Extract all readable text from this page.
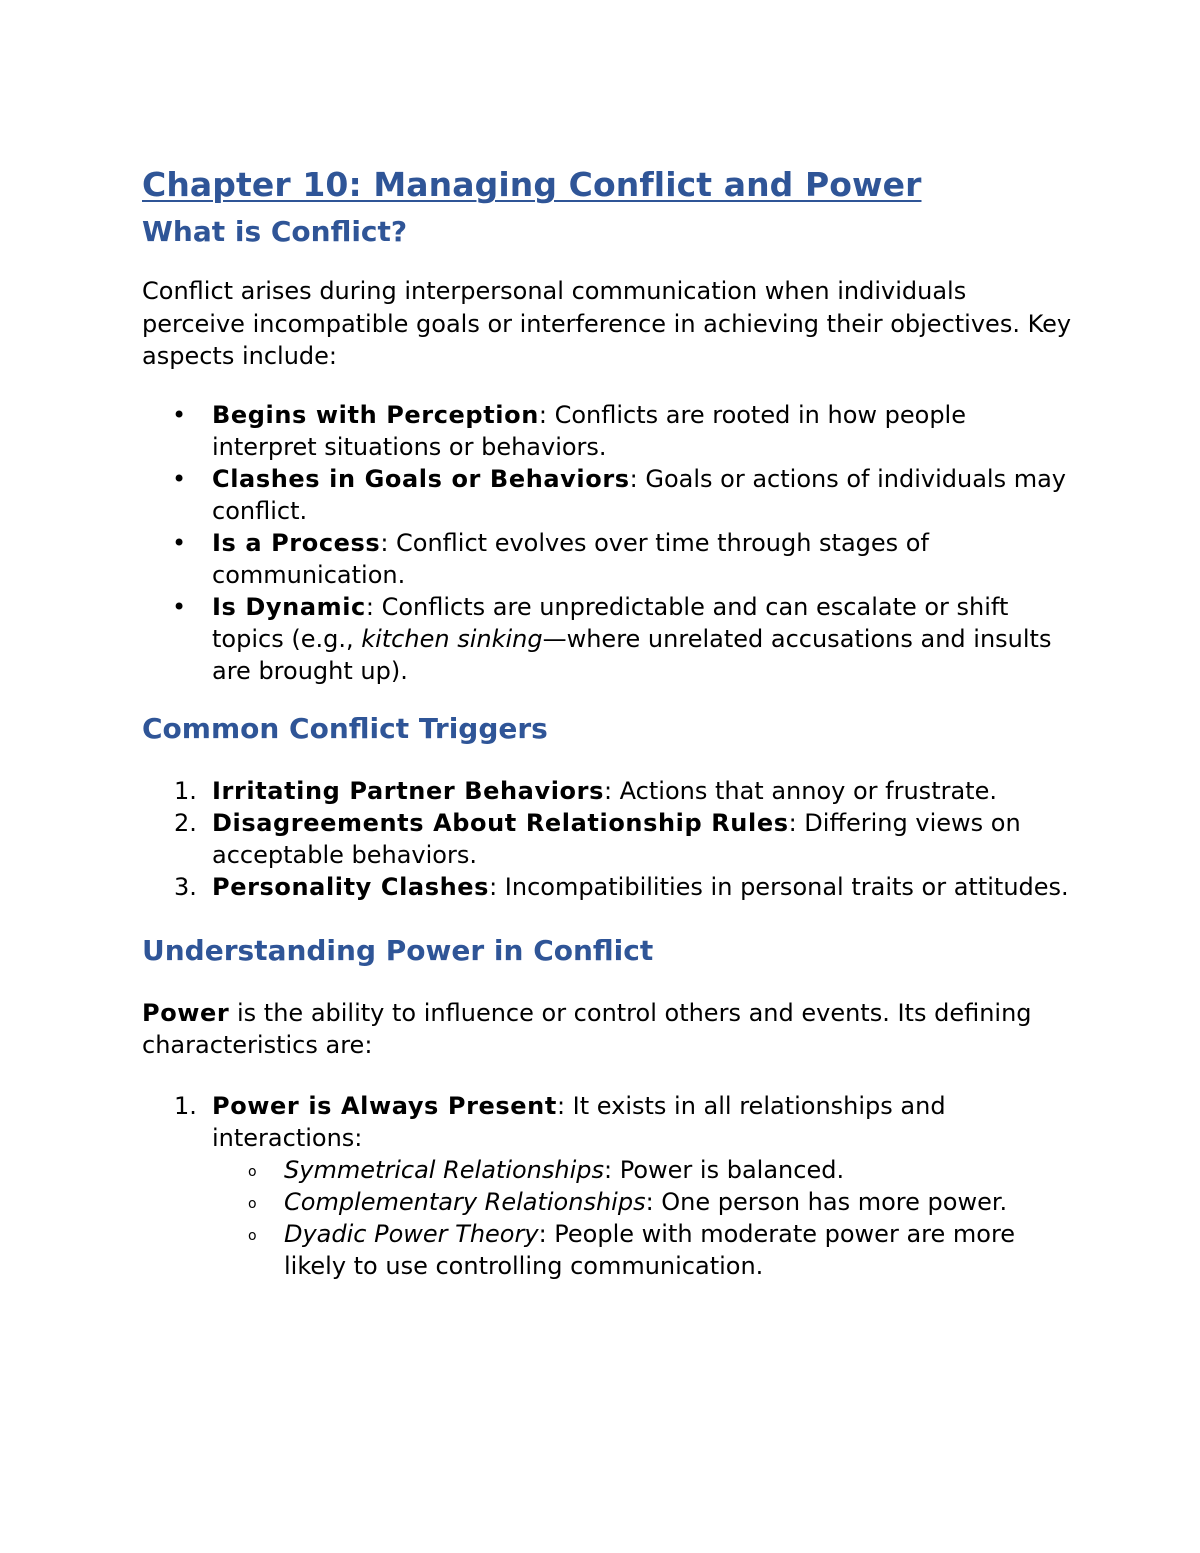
Chapter 10: Managing Conflict and Power
What is Conflict?

Conflict arises during interpersonal communication when individuals perceive incompatible goals or interference in achieving their objectives. Key aspects include:

•	Begins with Perception: Conflicts are rooted in how people interpret situations or behaviors.
•	Clashes in Goals or Behaviors: Goals or actions of individuals may conflict.
•	Is a Process: Conflict evolves over time through stages of communication.
•	Is Dynamic: Conflicts are unpredictable and can escalate or shift topics (e.g., kitchen sinking—where unrelated accusations and insults are brought up).
Common Conflict Triggers
1. Irritating Partner Behaviors: Actions that annoy or frustrate.
2. Disagreements About Relationship Rules: Differing views on acceptable behaviors.
3. Personality Clashes: Incompatibilities in personal traits or attitudes.
Understanding Power in Conflict

Power is the ability to influence or control others and events. Its defining characteristics are:

1. Power is Always Present: It exists in all relationships and interactions:
o Symmetrical Relationships: Power is balanced.
o Complementary Relationships: One person has more power.
o Dyadic Power Theory: People with moderate power are more likely to use controlling communication.
